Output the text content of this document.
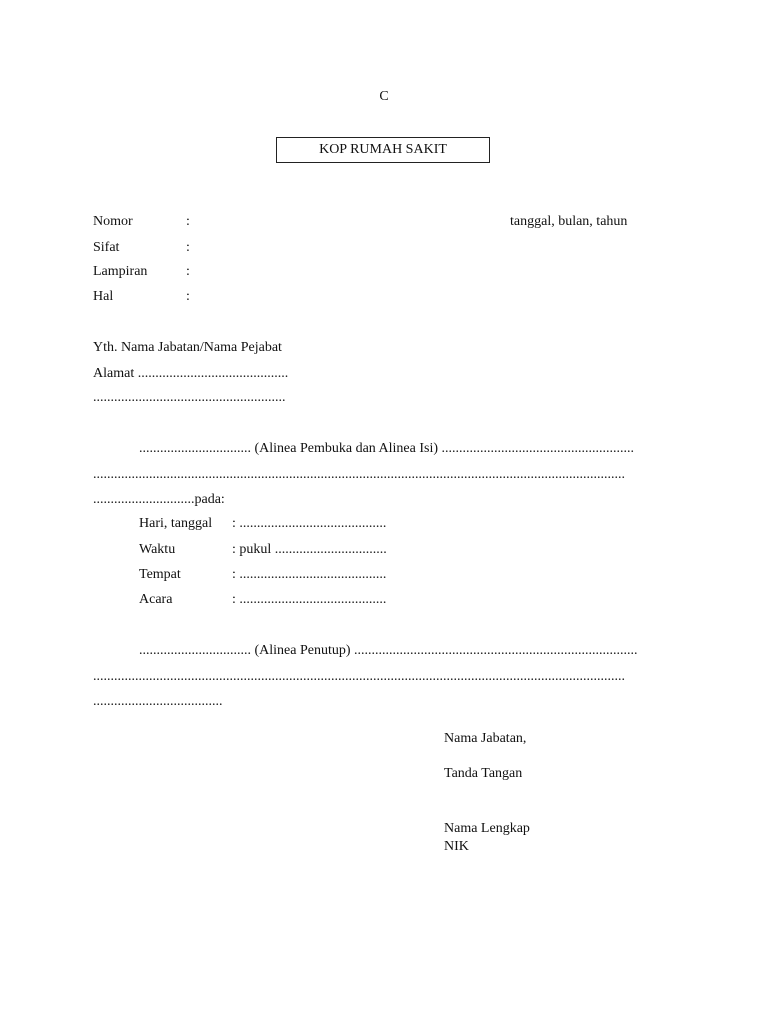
C
KOP RUMAH SAKIT
tanggal, bulan, tahun
Nomor	:
Sifat	:
Lampiran	:
Hal	:
Yth. Nama Jabatan/Nama Pejabat
Alamat ...........................................
.......................................................
................................ (Alinea Pembuka dan Alinea Isi) .......................................................
........................................................................................................................................................
.............................pada:
Hari, tanggal : ..........................................
Waktu	: pukul ................................
Tempat	: ..........................................
Acara	: ..........................................
................................ (Alinea Penutup) .................................................................................
........................................................................................................................................................
.....................................
Nama Jabatan,
Tanda Tangan
Nama Lengkap
NIK
